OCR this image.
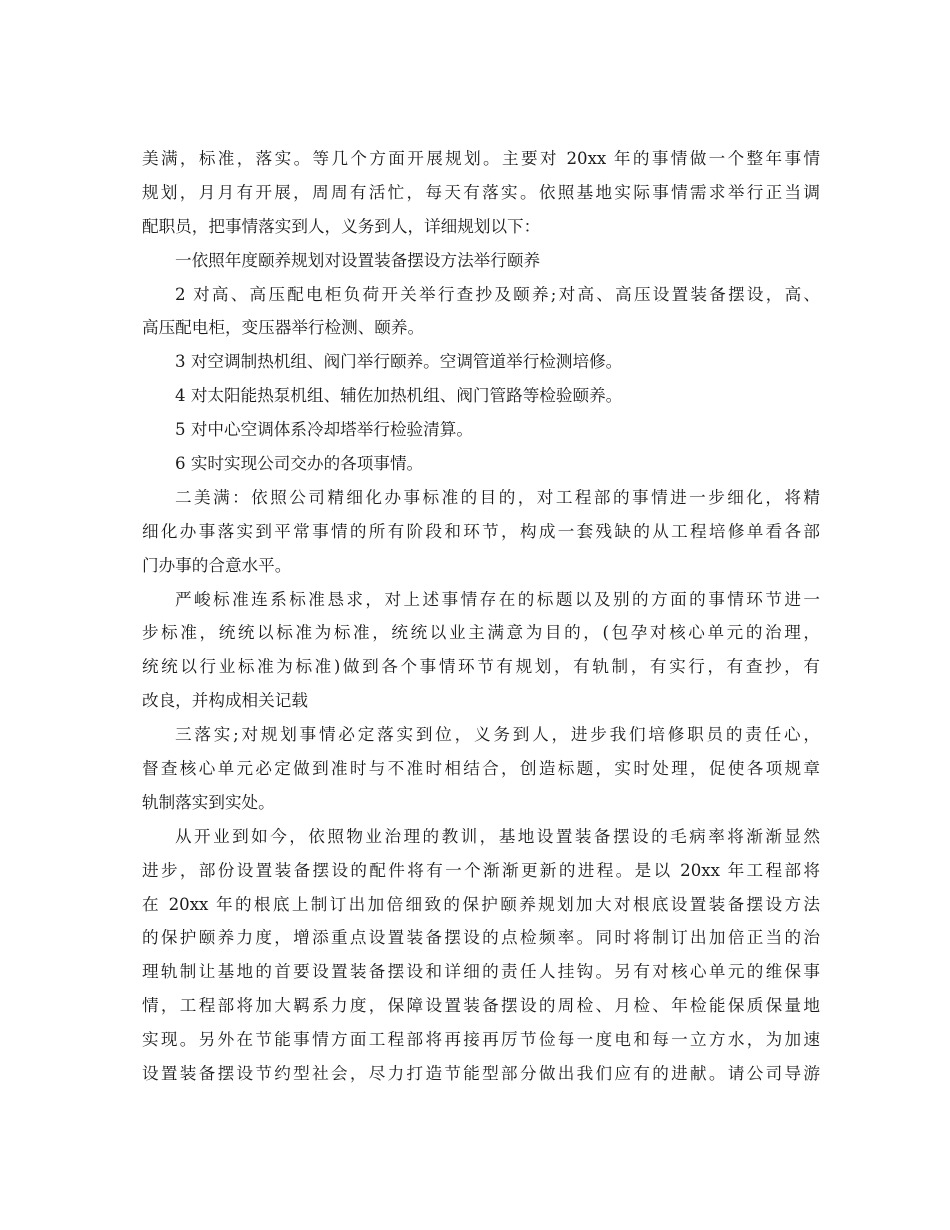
美满，标准，落实。等几个方面开展规划。主要对 20xx 年的事情做一个整年事情
规划，月月有开展，周周有活忙，每天有落实。依照基地实际事情需求举行正当调
配职员，把事情落实到人，义务到人，详细规划以下：
一依照年度颐养规划对设置装备摆设方法举行颐养
2 对高、高压配电柜负荷开关举行查抄及颐养;对高、高压设置装备摆设，高、
高压配电柜，变压器举行检测、颐养。
3 对空调制热机组、阀门举行颐养。空调管道举行检测培修。
4 对太阳能热泵机组、辅佐加热机组、阀门管路等检验颐养。
5 对中心空调体系冷却塔举行检验清算。
6 实时实现公司交办的各项事情。
二美满：依照公司精细化办事标准的目的，对工程部的事情进一步细化，将精
细化办事落实到平常事情的所有阶段和环节，构成一套残缺的从工程培修单看各部
门办事的合意水平。
严峻标准连系标准恳求，对上述事情存在的标题以及别的方面的事情环节进一
步标准，统统以标准为标准，统统以业主满意为目的，(包孕对核心单元的治理，
统统以行业标准为标准)做到各个事情环节有规划，有轨制，有实行，有查抄，有
改良，并构成相关记载
三落实;对规划事情必定落实到位，义务到人，进步我们培修职员的责任心，
督查核心单元必定做到准时与不准时相结合，创造标题，实时处理，促使各项规章
轨制落实到实处。
从开业到如今，依照物业治理的教训，基地设置装备摆设的毛病率将渐渐显然
进步，部份设置装备摆设的配件将有一个渐渐更新的进程。是以 20xx 年工程部将
在 20xx 年的根底上制订出加倍细致的保护颐养规划加大对根底设置装备摆设方法
的保护颐养力度，增添重点设置装备摆设的点检频率。同时将制订出加倍正当的治
理轨制让基地的首要设置装备摆设和详细的责任人挂钩。另有对核心单元的维保事
情，工程部将加大羁系力度，保障设置装备摆设的周检、月检、年检能保质保量地
实现。另外在节能事情方面工程部将再接再厉节俭每一度电和每一立方水，为加速
设置装备摆设节约型社会，尽力打造节能型部分做出我们应有的进献。请公司导游
